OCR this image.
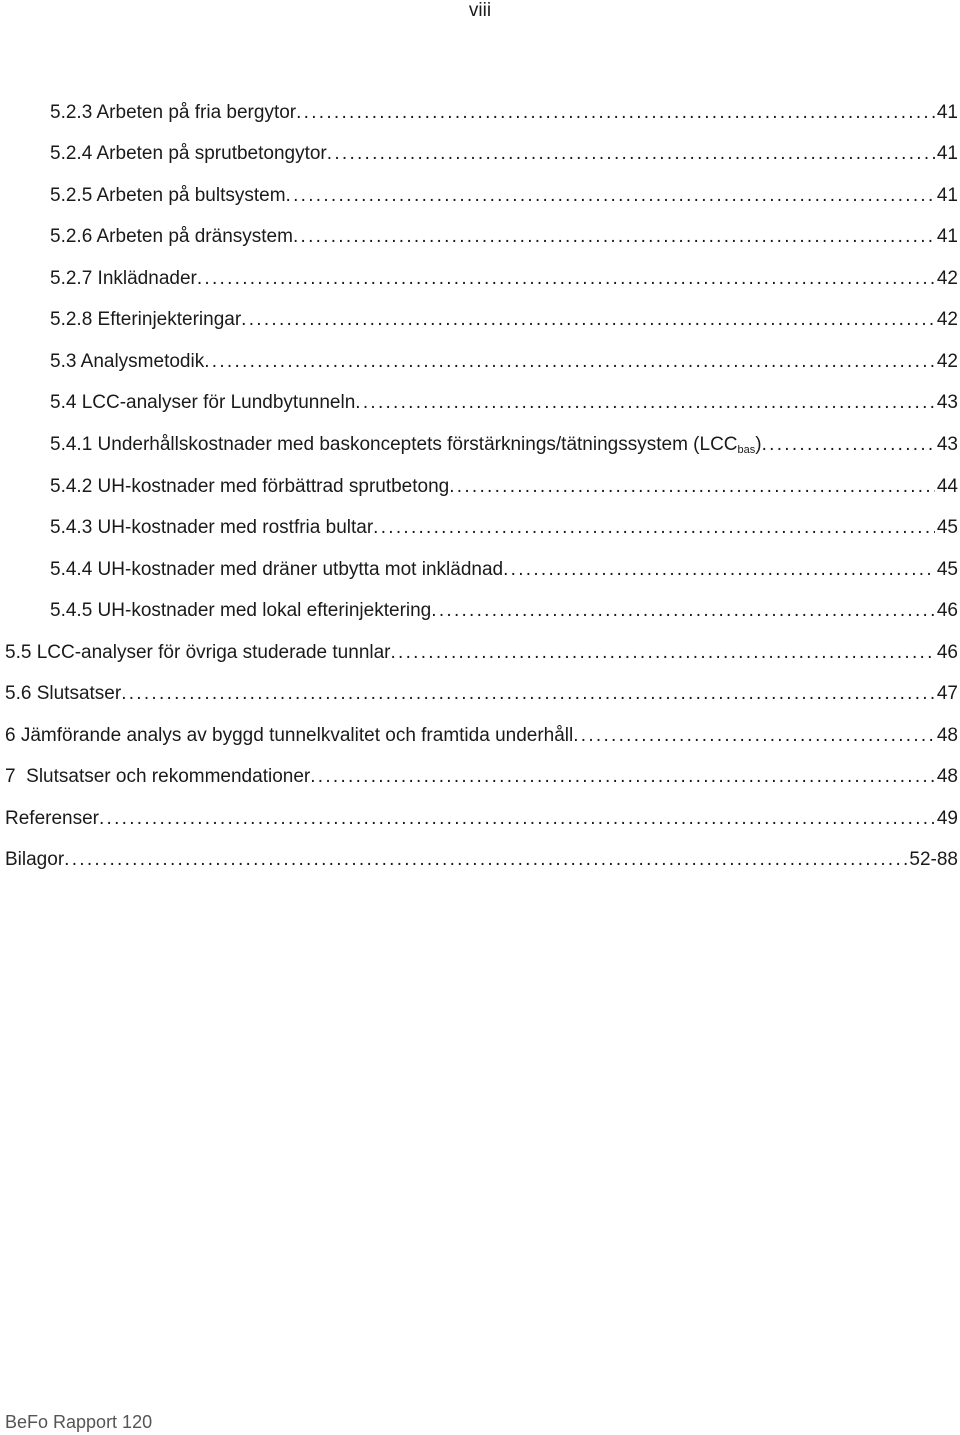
viii
5.2.3 Arbeten på fria bergytor . . .	41
5.2.4 Arbeten på sprutbetongytor . . .	41
5.2.5 Arbeten på bultsystem . . .	41
5.2.6 Arbeten på dränsystem . . .	41
5.2.7 Inklädnader . . .	42
5.2.8 Efterinjekteringar . . .	42
5.3 Analysmetodik . . .	42
5.4 LCC-analyser för Lundbytunneln . . .	43
5.4.1 Underhållskostnader med baskonceptets förstärknings/tätningssystem $(LCC_{bas})$ . . .	43
5.4.2 UH-kostnader med förbättrad sprutbetong . . .	44
5.4.3 UH-kostnader med rostfria bultar . . .	45
5.4.4 UH-kostnader med dräner utbytta mot inklädnad . . .	45
5.4.5 UH-kostnader med lokal efterinjektering . . .	46
5.5 LCC-analyser för övriga studerade tunnlar . . .	46
5.6 Slutsatser . . .	47
6 Jämförande analys av byggd tunnelkvalitet och framtida underhåll . . .	48
7 Slutsatser och rekommendationer . . .	48
Referenser . . .	49
Bilagor . . .	52-88
BeFo Rapport 120
